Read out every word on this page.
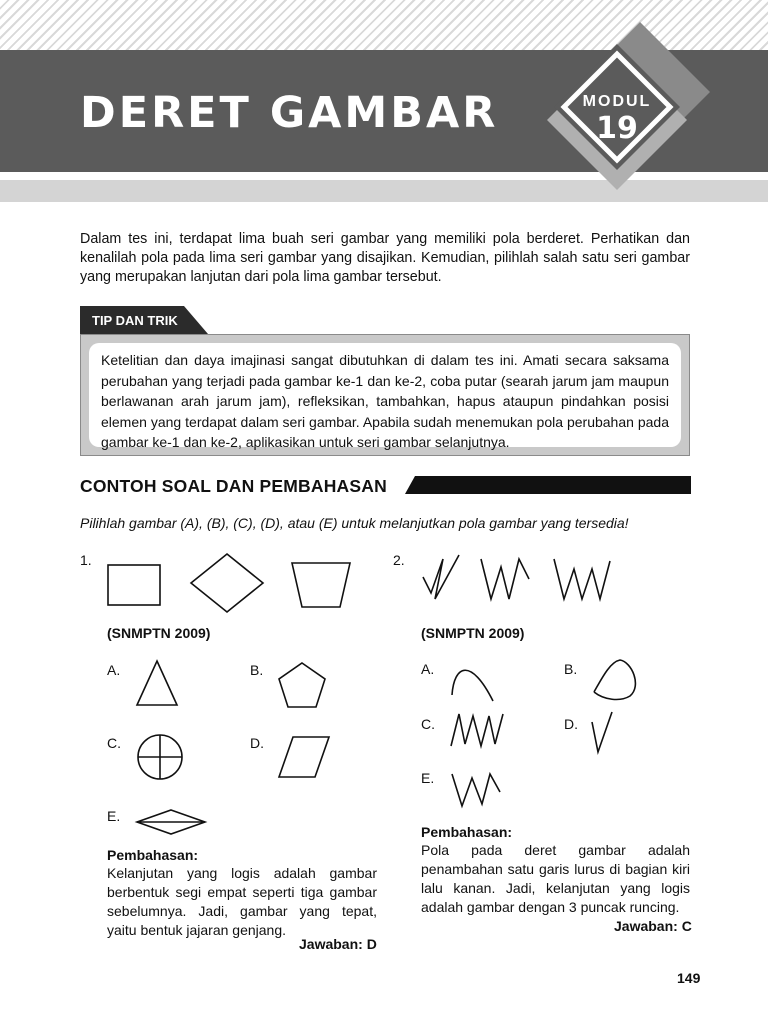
DERET GAMBAR	MODUL
19

Dalam tes ini, terdapat lima buah seri gambar yang memiliki pola berderet. Perhatikan dan kenalilah pola pada lima seri gambar yang disajikan. Kemudian, pilihlah salah satu seri gambar yang merupakan lanjutan dari pola lima gambar tersebut.

TIP DAN TRIK

Ketelitian dan daya imajinasi sangat dibutuhkan di dalam tes ini. Amati secara saksama perubahan yang terjadi pada gambar ke-1 dan ke-2, coba putar (searah jarum jam maupun berlawanan arah jarum jam), refleksikan, tambahkan, hapus ataupun pindahkan posisi elemen yang terdapat dalam seri gambar. Apabila sudah menemukan pola perubahan pada gambar ke-1 dan ke-2, aplikasikan untuk seri gambar selanjutnya.

CONTOH SOAL DAN PEMBAHASAN

Pilihlah gambar (A), (B), (C), (D), atau (E) untuk melanjutkan pola gambar yang tersedia!

1.

(SNMPTN 2009)

A.	B.

C.	D.

E.

Pembahasan:

Kelanjutan yang logis adalah gambar berbentuk segi empat seperti tiga gambar sebelumnya. Jadi, gambar yang tepat, yaitu bentuk jajaran genjang.

Jawaban: D

2.

(SNMPTN 2009)

A.	B.

C.	D.

E.

Pembahasan:

Pola pada deret gambar adalah penambahan satu garis lurus di bagian kiri lalu kanan. Jadi, kelanjutan yang logis adalah gambar dengan 3 puncak runcing.

Jawaban: C

149
